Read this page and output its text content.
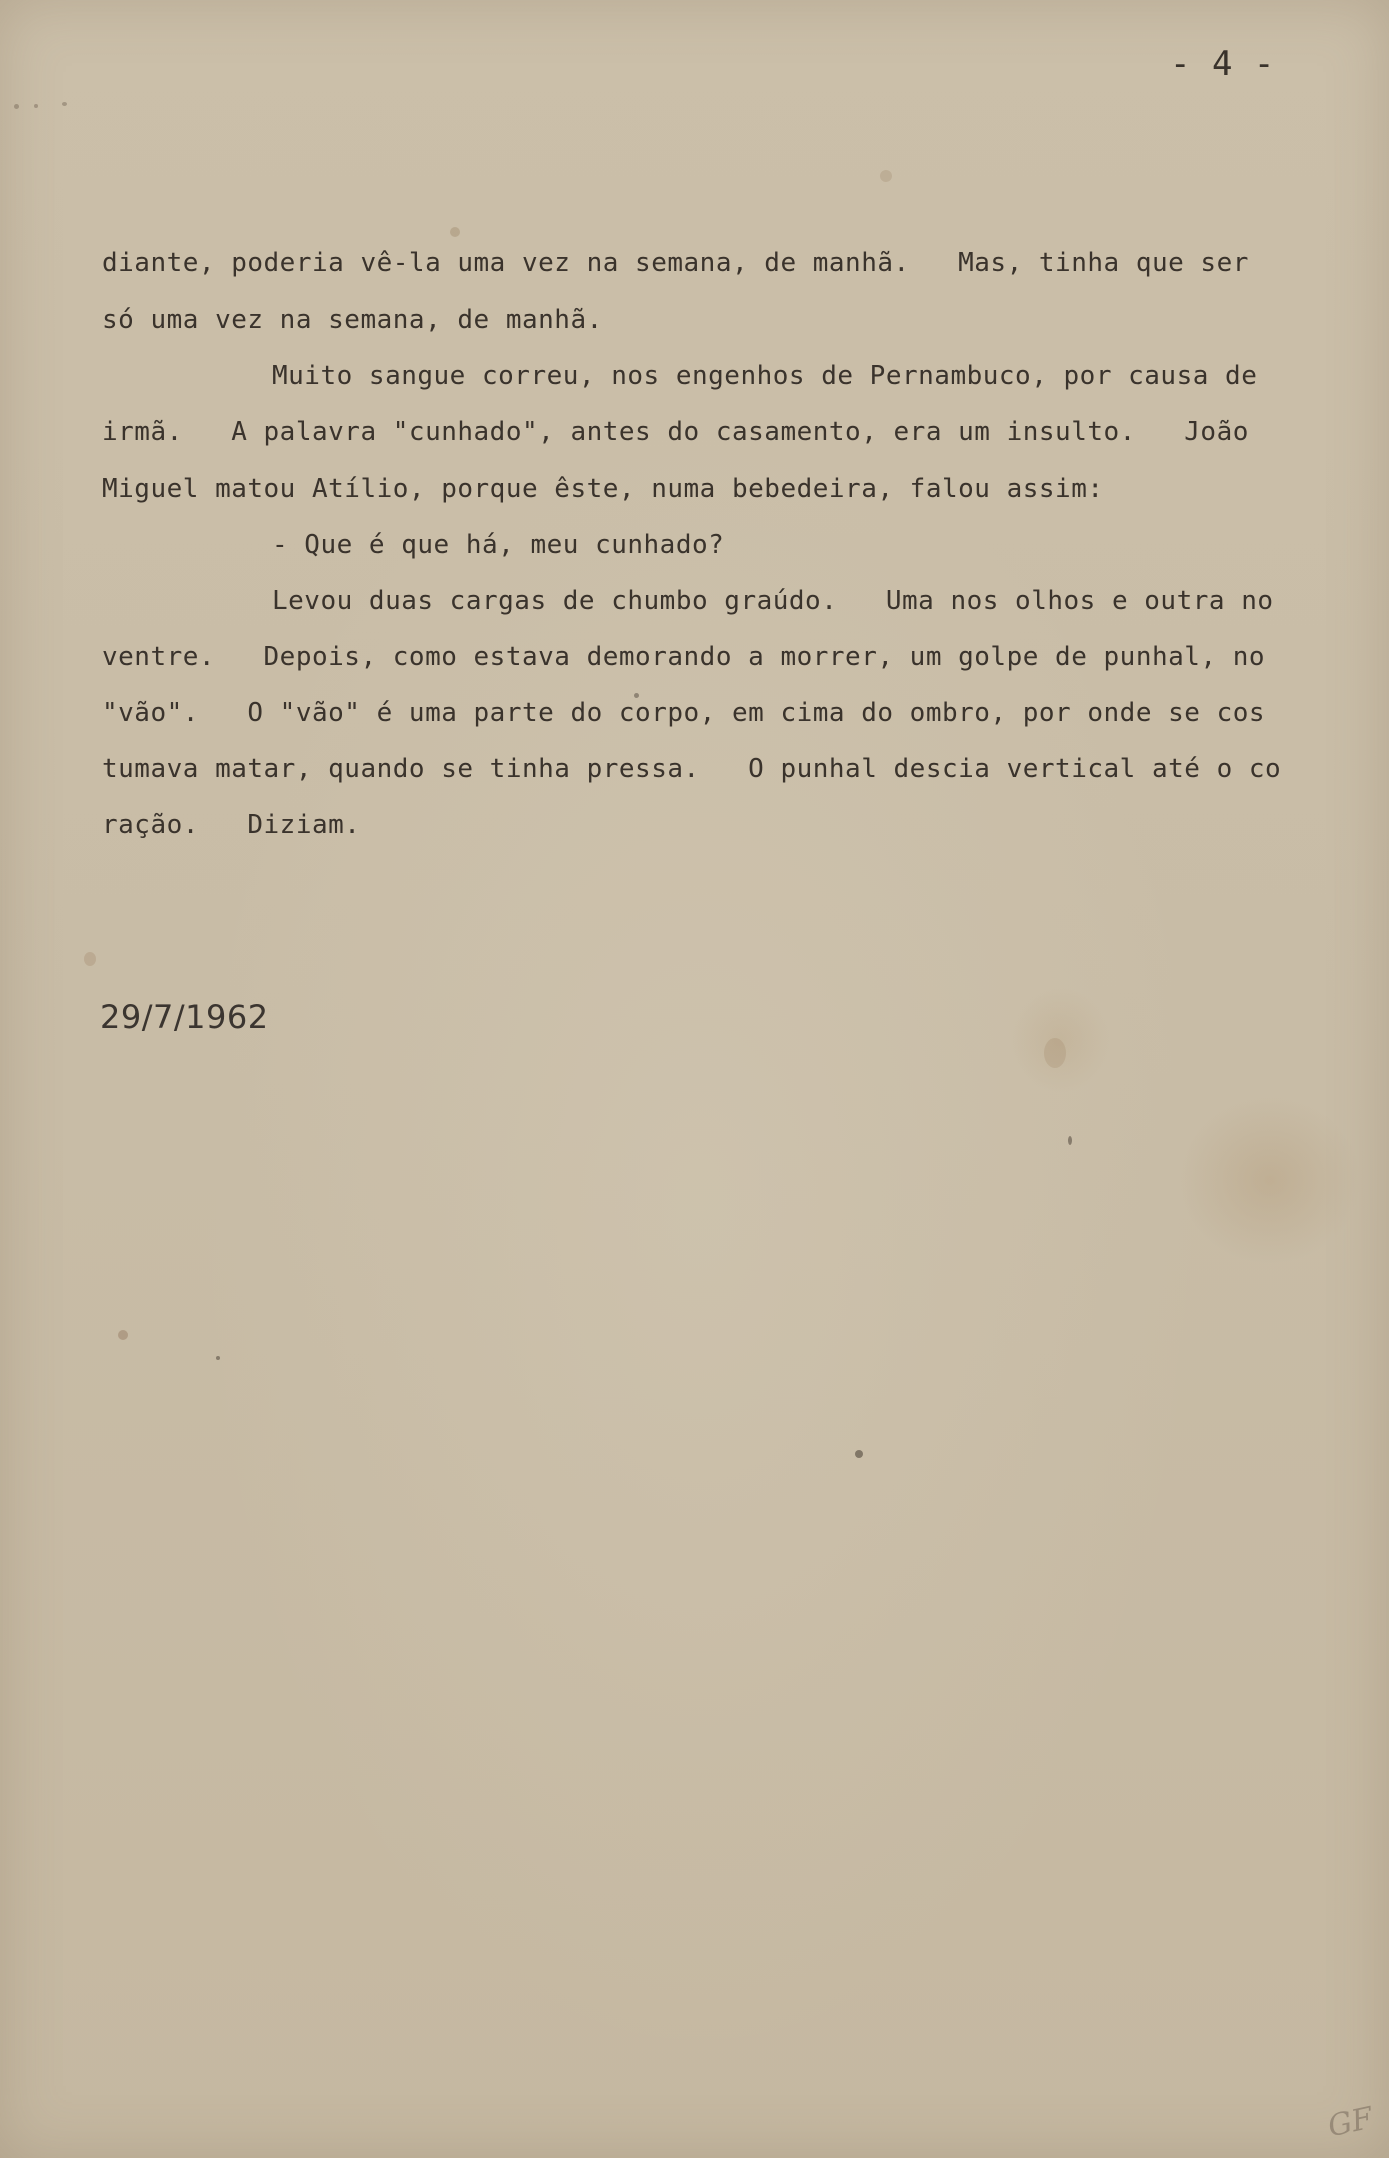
- 4 -
diante, poderia vê-la uma vez na semana, de manhã.   Mas, tinha que ser
só uma vez na semana, de manhã.
Muito sangue correu, nos engenhos de Pernambuco, por causa de
irmã.   A palavra "cunhado", antes do casamento, era um insulto.   João
Miguel matou Atílio, porque êste, numa bebedeira, falou assim:
- Que é que há, meu cunhado?
Levou duas cargas de chumbo graúdo.   Uma nos olhos e outra no
ventre.   Depois, como estava demorando a morrer, um golpe de punhal, no
"vão".   O "vão" é uma parte do corpo, em cima do ombro, por onde se cos
tumava matar, quando se tinha pressa.   O punhal descia vertical até o co
ração.   Diziam.
29/7/1962
GF
